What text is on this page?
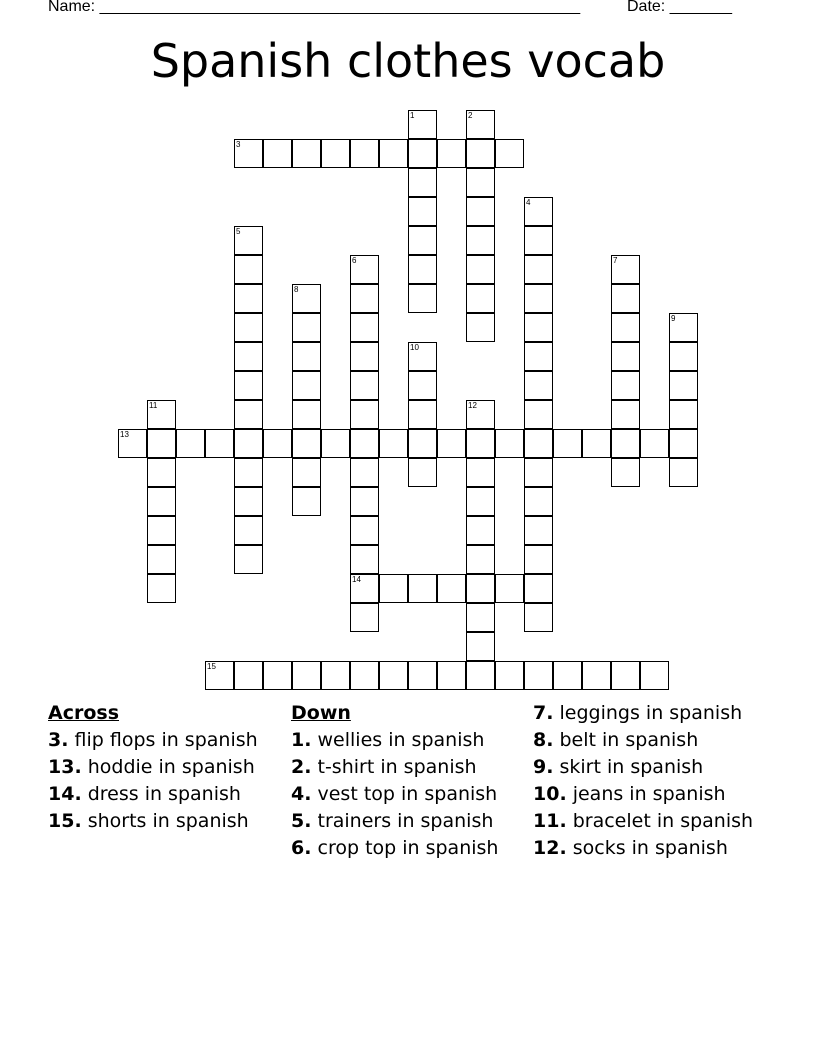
Name: ______________________________________________________	Date: _______
Spanish clothes vocab
3
13
14
15
1	2
4
5
6	7
8
9
10
11	12
Across
3. flip flops in spanish
13. hoddie in spanish
14. dress in spanish
15. shorts in spanish
Down
1. wellies in spanish
2. t-shirt in spanish
4. vest top in spanish
5. trainers in spanish
6. crop top in spanish
7. leggings in spanish
8. belt in spanish
9. skirt in spanish
10. jeans in spanish
11. bracelet in spanish
12. socks in spanish
